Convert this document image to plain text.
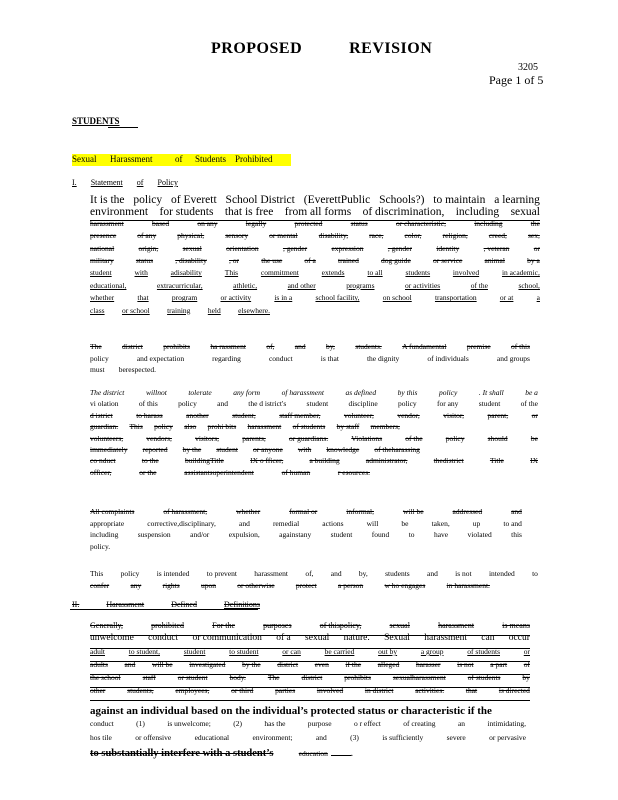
PROPOSED	REVISION
3205
Page 1 of 5
STUDENTS
Sexual Harassment	of Students Prohibited
I. Statement of Policy
It is the policy of Everett School District (EverettPublic Schools?) to maintain a learning
environment for students that is free from all forms of discrimination, including sexual
harassment	based	on any	legally	protected	status	or characteristic,	including	the
presence	of any	physical,	sensory	or mental	disability,	race,	color,	religion,	creed,	sex,
national	origin,	sexual	orientation	, gender	expression	, gender	identity	, veteran	or
military	status	, disability	, or	the use	of a	trained	dog guide	or service	animal	by a
student	with	adisability	This	commitment	extends	to all	students	involved	in academic,
educational,	extracurricular,	athletic,	and other	programs	or activities	of the	school,
whether	that	program	or activity	is in a	school facility,	on school	transportation	or at	a
class or school training held elsewhere.
The	district	prohibits	ha rassment	of,	and	by,	students.	A fundamental	premise	of this
policy	and expectation	regarding	conduct	is that	the dignity	of individuals	and groups
must berespected.
The district	willnot	tolerate	any form	of harassment	as defined	by this	policy	. It shall	be a
vi olation	of this	policy	and	the d istrict's	student	discipline	policy	for any	student	of the
d istrict	to harass	another	student,	staff member,	volunteer,	vendor,	visitor,	parent,	or
guardian. This policy also prohi bits harassment of students by staff members,
volunteers,	vendors,	visitors,	parents,	or guardians.	Violations	of the	policy	should	be
immediately reported by the student or anyone with knowledge of theharassing
co nduct	to the	buildingTitle	IX o fficer,	a building	administrator,	thedistrict	Title	IX
officer,	or the	assistantsuperintendent	of human	r esources.
All complaints	of harassment,	whether	formal or	informal,	will be	addressed	and
appropriate	corrective,disciplinary,	and	remedial	actions	will	be	taken,	up	to and
including	suspension	and/or	expulsion,	againstany	student	found	to	have	violated	this
policy.
This policy is intended to prevent harassment of, and by, students and is not intended to
confer	any	rights	upon	or otherwise	protect	a person	w ho engages	in harassment.
II.	Harassment	Defined	Definitions
Generally,	prohibited	For the	purposes	of thispolicy,	sexual	harassment	is means
unwelcome conduct or communication of a sexual nature. Sexual harassment can occur
adult	to student,	student	to student	or can	be carried	out by	a group	of students	or
adults and will be investigated by the district even if the alleged harasser is not a part of
the school	staff	or student	body.	The	district	prohibits	sexualharassment	of students	by
other	students,	employees,	or third	parties	involved	in district	activities.	that	is directed
against an individual based on the individual’s protected status or characteristic if the
conduct	(1)	is unwelcome;	(2)	has the	purpose	o r effect	of creating	an	intimidating,
hos tile	or offensive	educational	environment;	and	(3)	is sufficiently	severe	or pervasive
to substantially interfere with a student’s	education .
